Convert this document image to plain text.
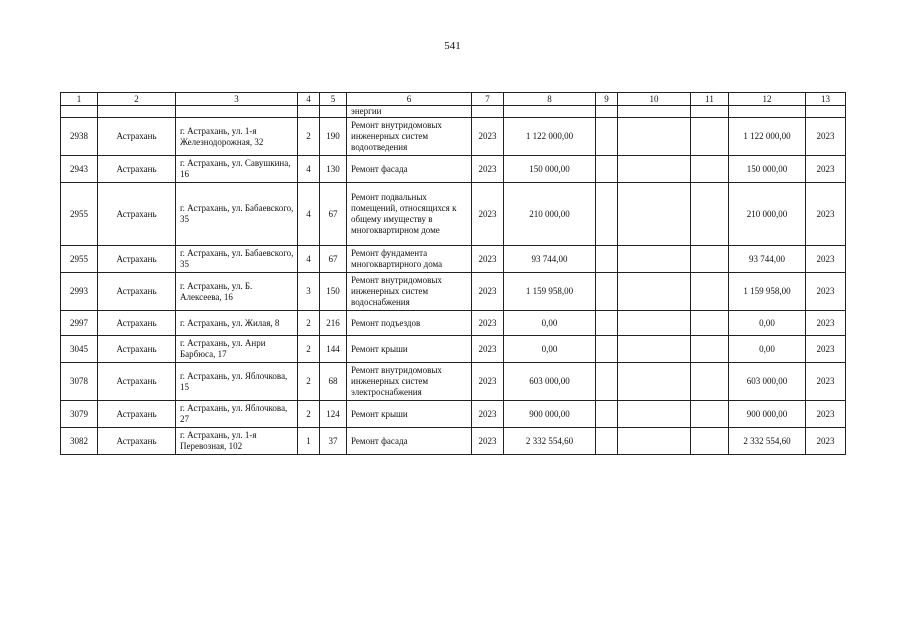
541
1	2	3	4	5	6	7	8	9	10	11	12	13
					энергии							
2938	Астрахань	г. Астрахань, ул. 1-я Железнодорожная, 32	2	190	Ремонт внутридомовых инженерных систем водоотведения	2023	1 122 000,00				1 122 000,00	2023
2943	Астрахань	г. Астрахань, ул. Савушкина, 16	4	130	Ремонт фасада	2023	150 000,00				150 000,00	2023
2955	Астрахань	г. Астрахань, ул. Бабаевского, 35	4	67	Ремонт подвальных помещений, относящихся к общему имуществу в многоквартирном доме	2023	210 000,00				210 000,00	2023
2955	Астрахань	г. Астрахань, ул. Бабаевского, 35	4	67	Ремонт фундамента многоквартирного дома	2023	93 744,00				93 744,00	2023
2993	Астрахань	г. Астрахань, ул. Б. Алексеева, 16	3	150	Ремонт внутридомовых инженерных систем водоснабжения	2023	1 159 958,00				1 159 958,00	2023
2997	Астрахань	г. Астрахань, ул. Жилая, 8	2	216	Ремонт подъездов	2023	0,00				0,00	2023
3045	Астрахань	г. Астрахань, ул. Анри Барбюса, 17	2	144	Ремонт крыши	2023	0,00				0,00	2023
3078	Астрахань	г. Астрахань, ул. Яблочкова, 15	2	68	Ремонт внутридомовых инженерных систем электроснабжения	2023	603 000,00				603 000,00	2023
3079	Астрахань	г. Астрахань, ул. Яблочкова, 27	2	124	Ремонт крыши	2023	900 000,00				900 000,00	2023
3082	Астрахань	г. Астрахань, ул. 1-я Перевозная, 102	1	37	Ремонт фасада	2023	2 332 554,60				2 332 554,60	2023
